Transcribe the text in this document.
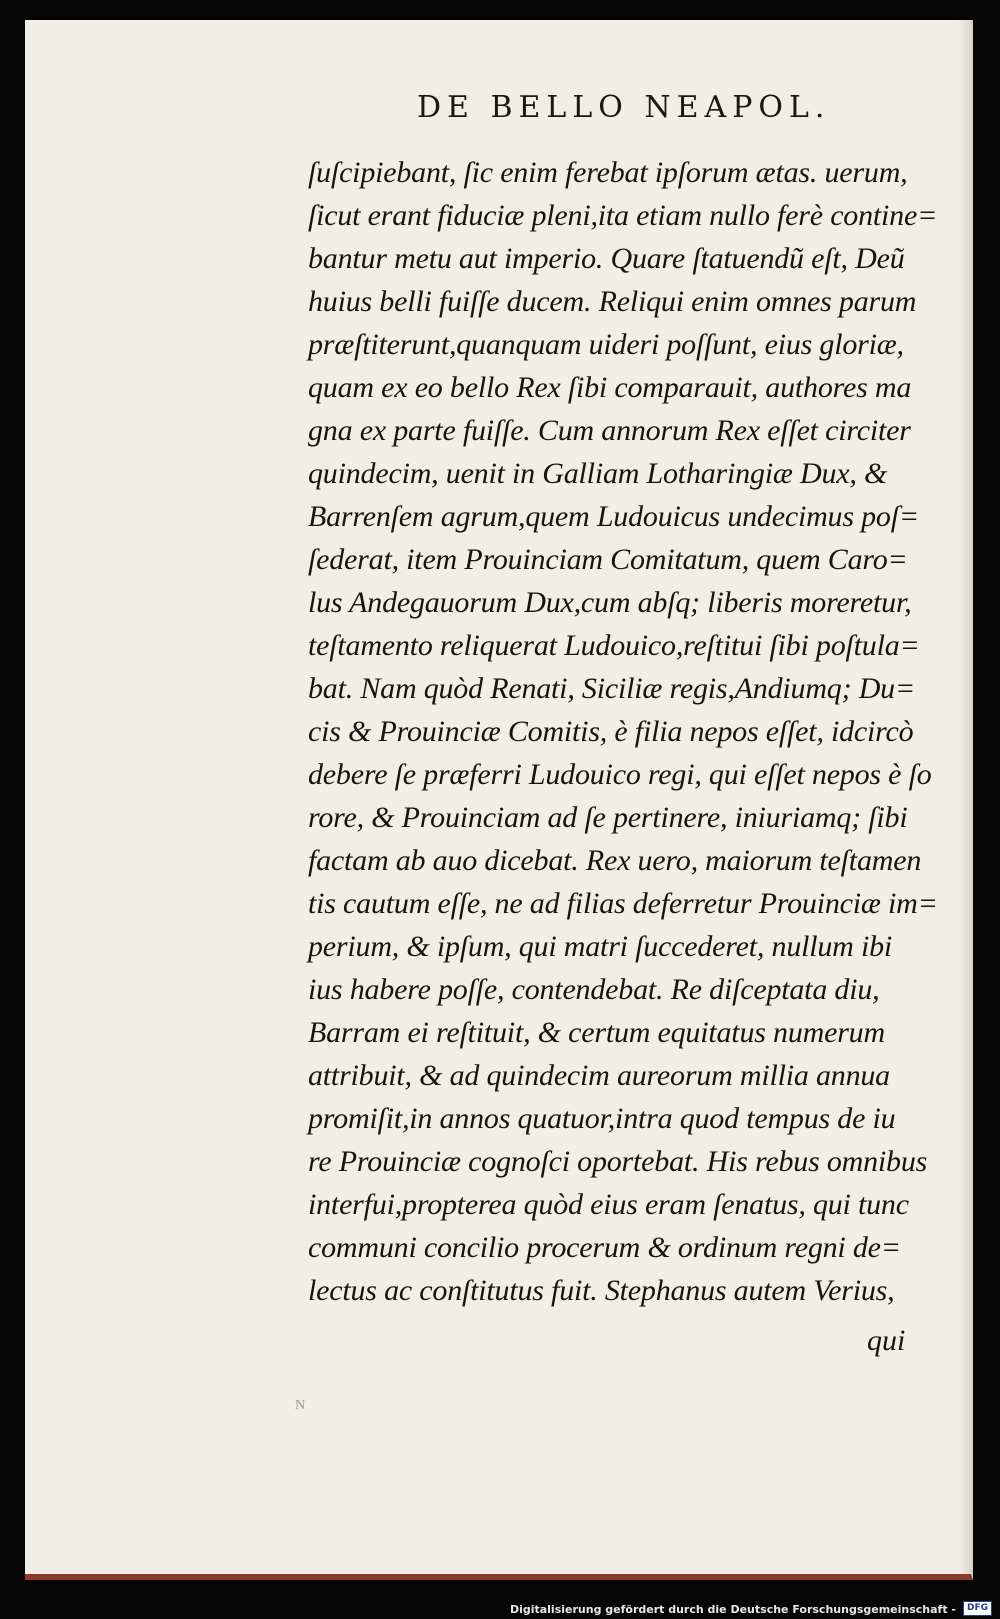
DE BELLO NEAPOL.
ſuſcipiebant, ſic enim ferebat ipſorum ætas. uerum,
ſicut erant fiduciæ pleni,ita etiam nullo ferè contine=
bantur metu aut imperio. Quare ſtatuendũ eſt, Deũ
huius belli fuiſſe ducem. Reliqui enim omnes parum
præſtiterunt,quanquam uideri poſſunt, eius gloriæ,
quam ex eo bello Rex ſibi comparauit, authores ma
gna ex parte fuiſſe. Cum annorum Rex eſſet circiter
quindecim, uenit in Galliam Lotharingiæ Dux, &
Barrenſem agrum,quem Ludouicus undecimus poſ=
ſederat, item Prouinciam Comitatum, quem Caro=
lus Andegauorum Dux,cum abſq; liberis moreretur,
teſtamento reliquerat Ludouico,reſtitui ſibi poſtula=
bat. Nam quòd Renati, Siciliæ regis,Andiumq; Du=
cis & Prouinciæ Comitis, è filia nepos eſſet, idcircò
debere ſe præferri Ludouico regi, qui eſſet nepos è ſo
rore, & Prouinciam ad ſe pertinere, iniuriamq; ſibi
factam ab auo dicebat. Rex uero, maiorum teſtamen
tis cautum eſſe, ne ad filias deferretur Prouinciæ im=
perium, & ipſum, qui matri ſuccederet, nullum ibi
ius habere poſſe, contendebat. Re diſceptata diu,
Barram ei reſtituit, & certum equitatus numerum
attribuit, & ad quindecim aureorum millia annua
promiſit,in annos quatuor,intra quod tempus de iu
re Prouinciæ cognoſci oportebat. His rebus omnibus
interfui,propterea quòd eius eram ſenatus, qui tunc
communi concilio procerum & ordinum regni de=
lectus ac conſtitutus fuit. Stephanus autem Verius,
qui
N
Digitalisierung gefördert durch die Deutsche Forschungsgemeinschaft -	DFG
